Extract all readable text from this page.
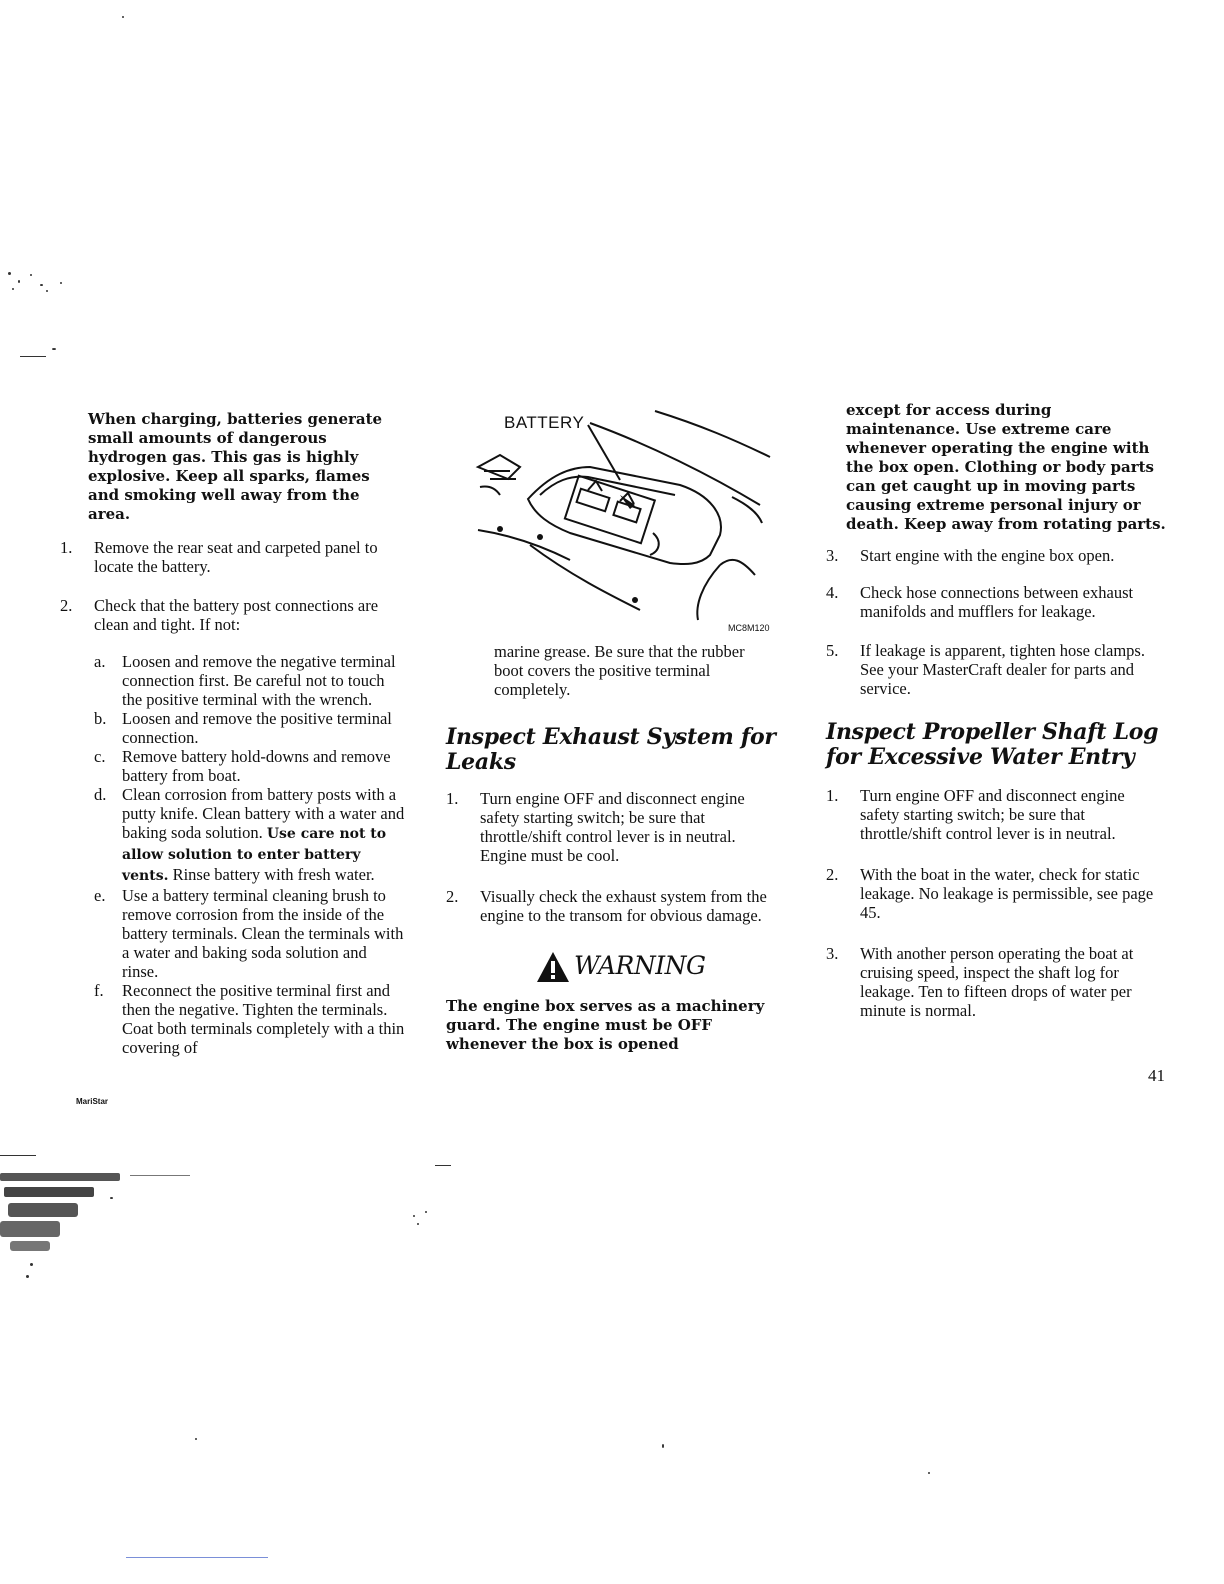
When charging, batteries generate small amounts of dangerous hydrogen gas. This gas is highly explosive. Keep all sparks, flames and smoking well away from the area.

1. Remove the rear seat and carpeted panel to locate the battery.
2. Check that the battery post connections are clean and tight. If not:
a. Loosen and remove the negative terminal connection first. Be careful not to touch the positive terminal with the wrench.
b. Loosen and remove the positive terminal connection.
c. Remove battery hold-downs and remove battery from boat.
d. Clean corrosion from battery posts with a putty knife. Clean battery with a water and baking soda solution. Use care not to allow solution to enter battery vents. Rinse battery with fresh water.
e. Use a battery terminal cleaning brush to remove corrosion from the inside of the battery terminals. Clean the terminals with a water and baking soda solution and rinse.
f. Reconnect the positive terminal first and then the negative. Tighten the terminals. Coat both terminals completely with a thin covering of
BATTERY
MC8M120

marine grease. Be sure that the rubber boot covers the positive terminal completely.

Inspect Exhaust System for Leaks
1. Turn engine OFF and disconnect engine safety starting switch; be sure that throttle/shift control lever is in neutral. Engine must be cool.
2. Visually check the exhaust system from the engine to the transom for obvious damage.
WARNING

The engine box serves as a machinery guard. The engine must be OFF whenever the box is opened

except for access during maintenance. Use extreme care whenever operating the engine with the box open. Clothing or body parts can get caught up in moving parts causing extreme personal injury or death. Keep away from rotating parts.

3. Start engine with the engine box open.
4. Check hose connections between exhaust manifolds and mufflers for leakage.
5. If leakage is apparent, tighten hose clamps. See your MasterCraft dealer for parts and service.
Inspect Propeller Shaft Log for Excessive Water Entry
1. Turn engine OFF and disconnect engine safety starting switch; be sure that throttle/shift control lever is in neutral.
2. With the boat in the water, check for static leakage. No leakage is permissible, see page 45.
3. With another person operating the boat at cruising speed, inspect the shaft log for leakage. Ten to fifteen drops of water per minute is normal.
41
MariStar
